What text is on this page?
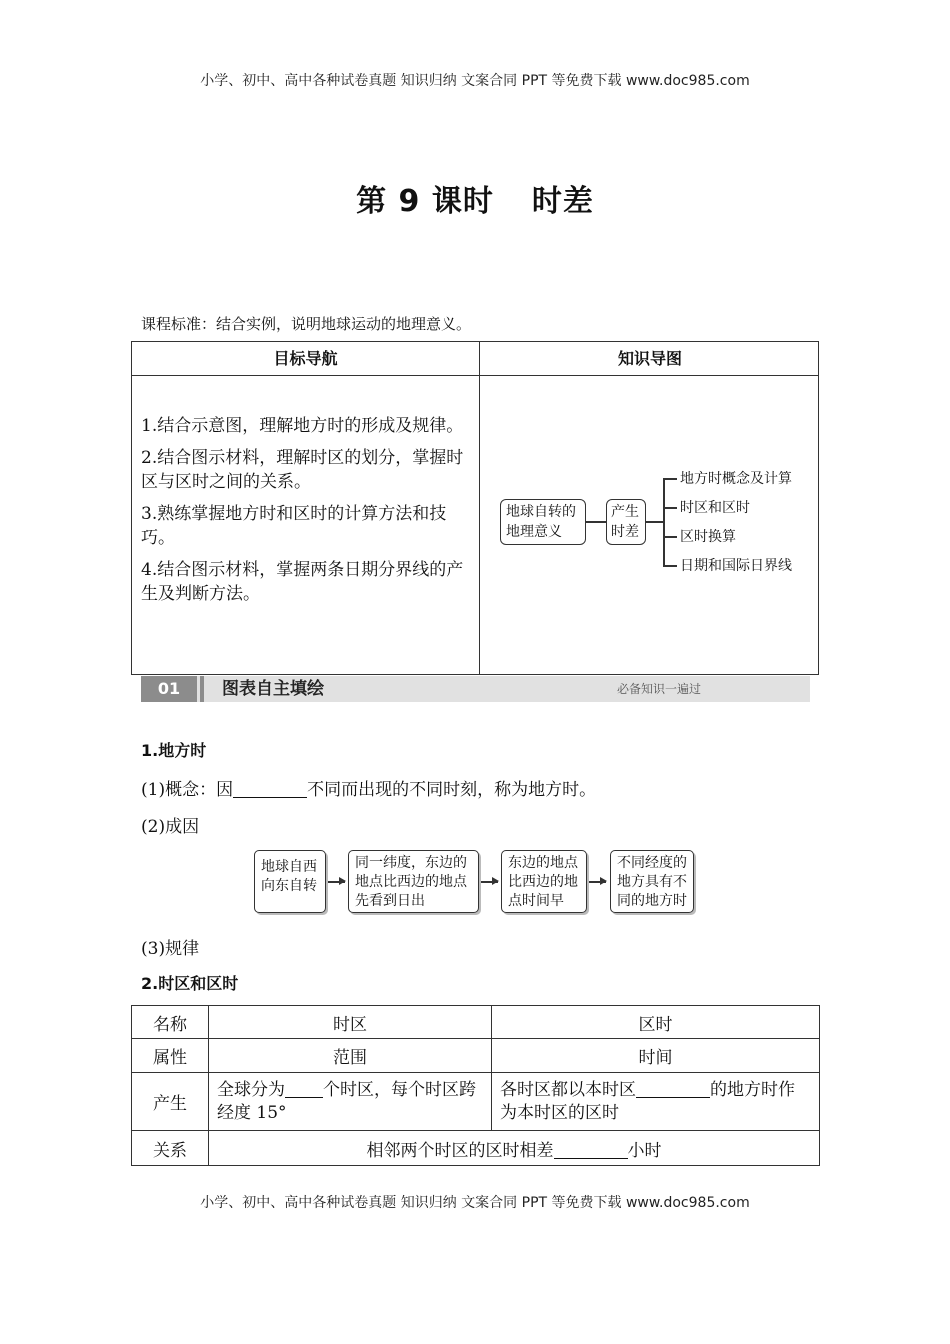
小学、初中、高中各种试卷真题 知识归纳 文案合同 PPT 等免费下载 www.doc985.com
第 9 课时 时差
课程标准：结合实例，说明地球运动的地理意义。
目标导航	知识导图

1.结合示意图，理解地方时的形成及规律。

2.结合图示材料，理解时区的划分，掌握时区与区时之间的关系。

3.熟练掌握地方时和区时的计算方法和技巧。

4.结合图示材料，掌握两条日期分界线的产生及判断方法。

地球自转的
地理意义
产生
时差
地方时概念及计算
时区和区时
区时换算
日期和国际日界线
01	图表自主填绘	必备知识一遍过
1.地方时
(1)概念：因	不同而出现的不同时刻，称为地方时。
(2)成因
地球自西
向东自转
同一纬度，东边的
地点比西边的地点
先看到日出
东边的地点
比西边的地
点时间早
不同经度的
地方具有不
同的地方时
(3)规律
2.时区和区时
名称	时区	区时
属性	范围	时间
产生	全球分为 个时区，每个时区跨经度 15°	各时区都以本时区 的地方时作为本时区的区时
关系	相邻两个时区的区时相差 小时	
小学、初中、高中各种试卷真题 知识归纳 文案合同 PPT 等免费下载 www.doc985.com
